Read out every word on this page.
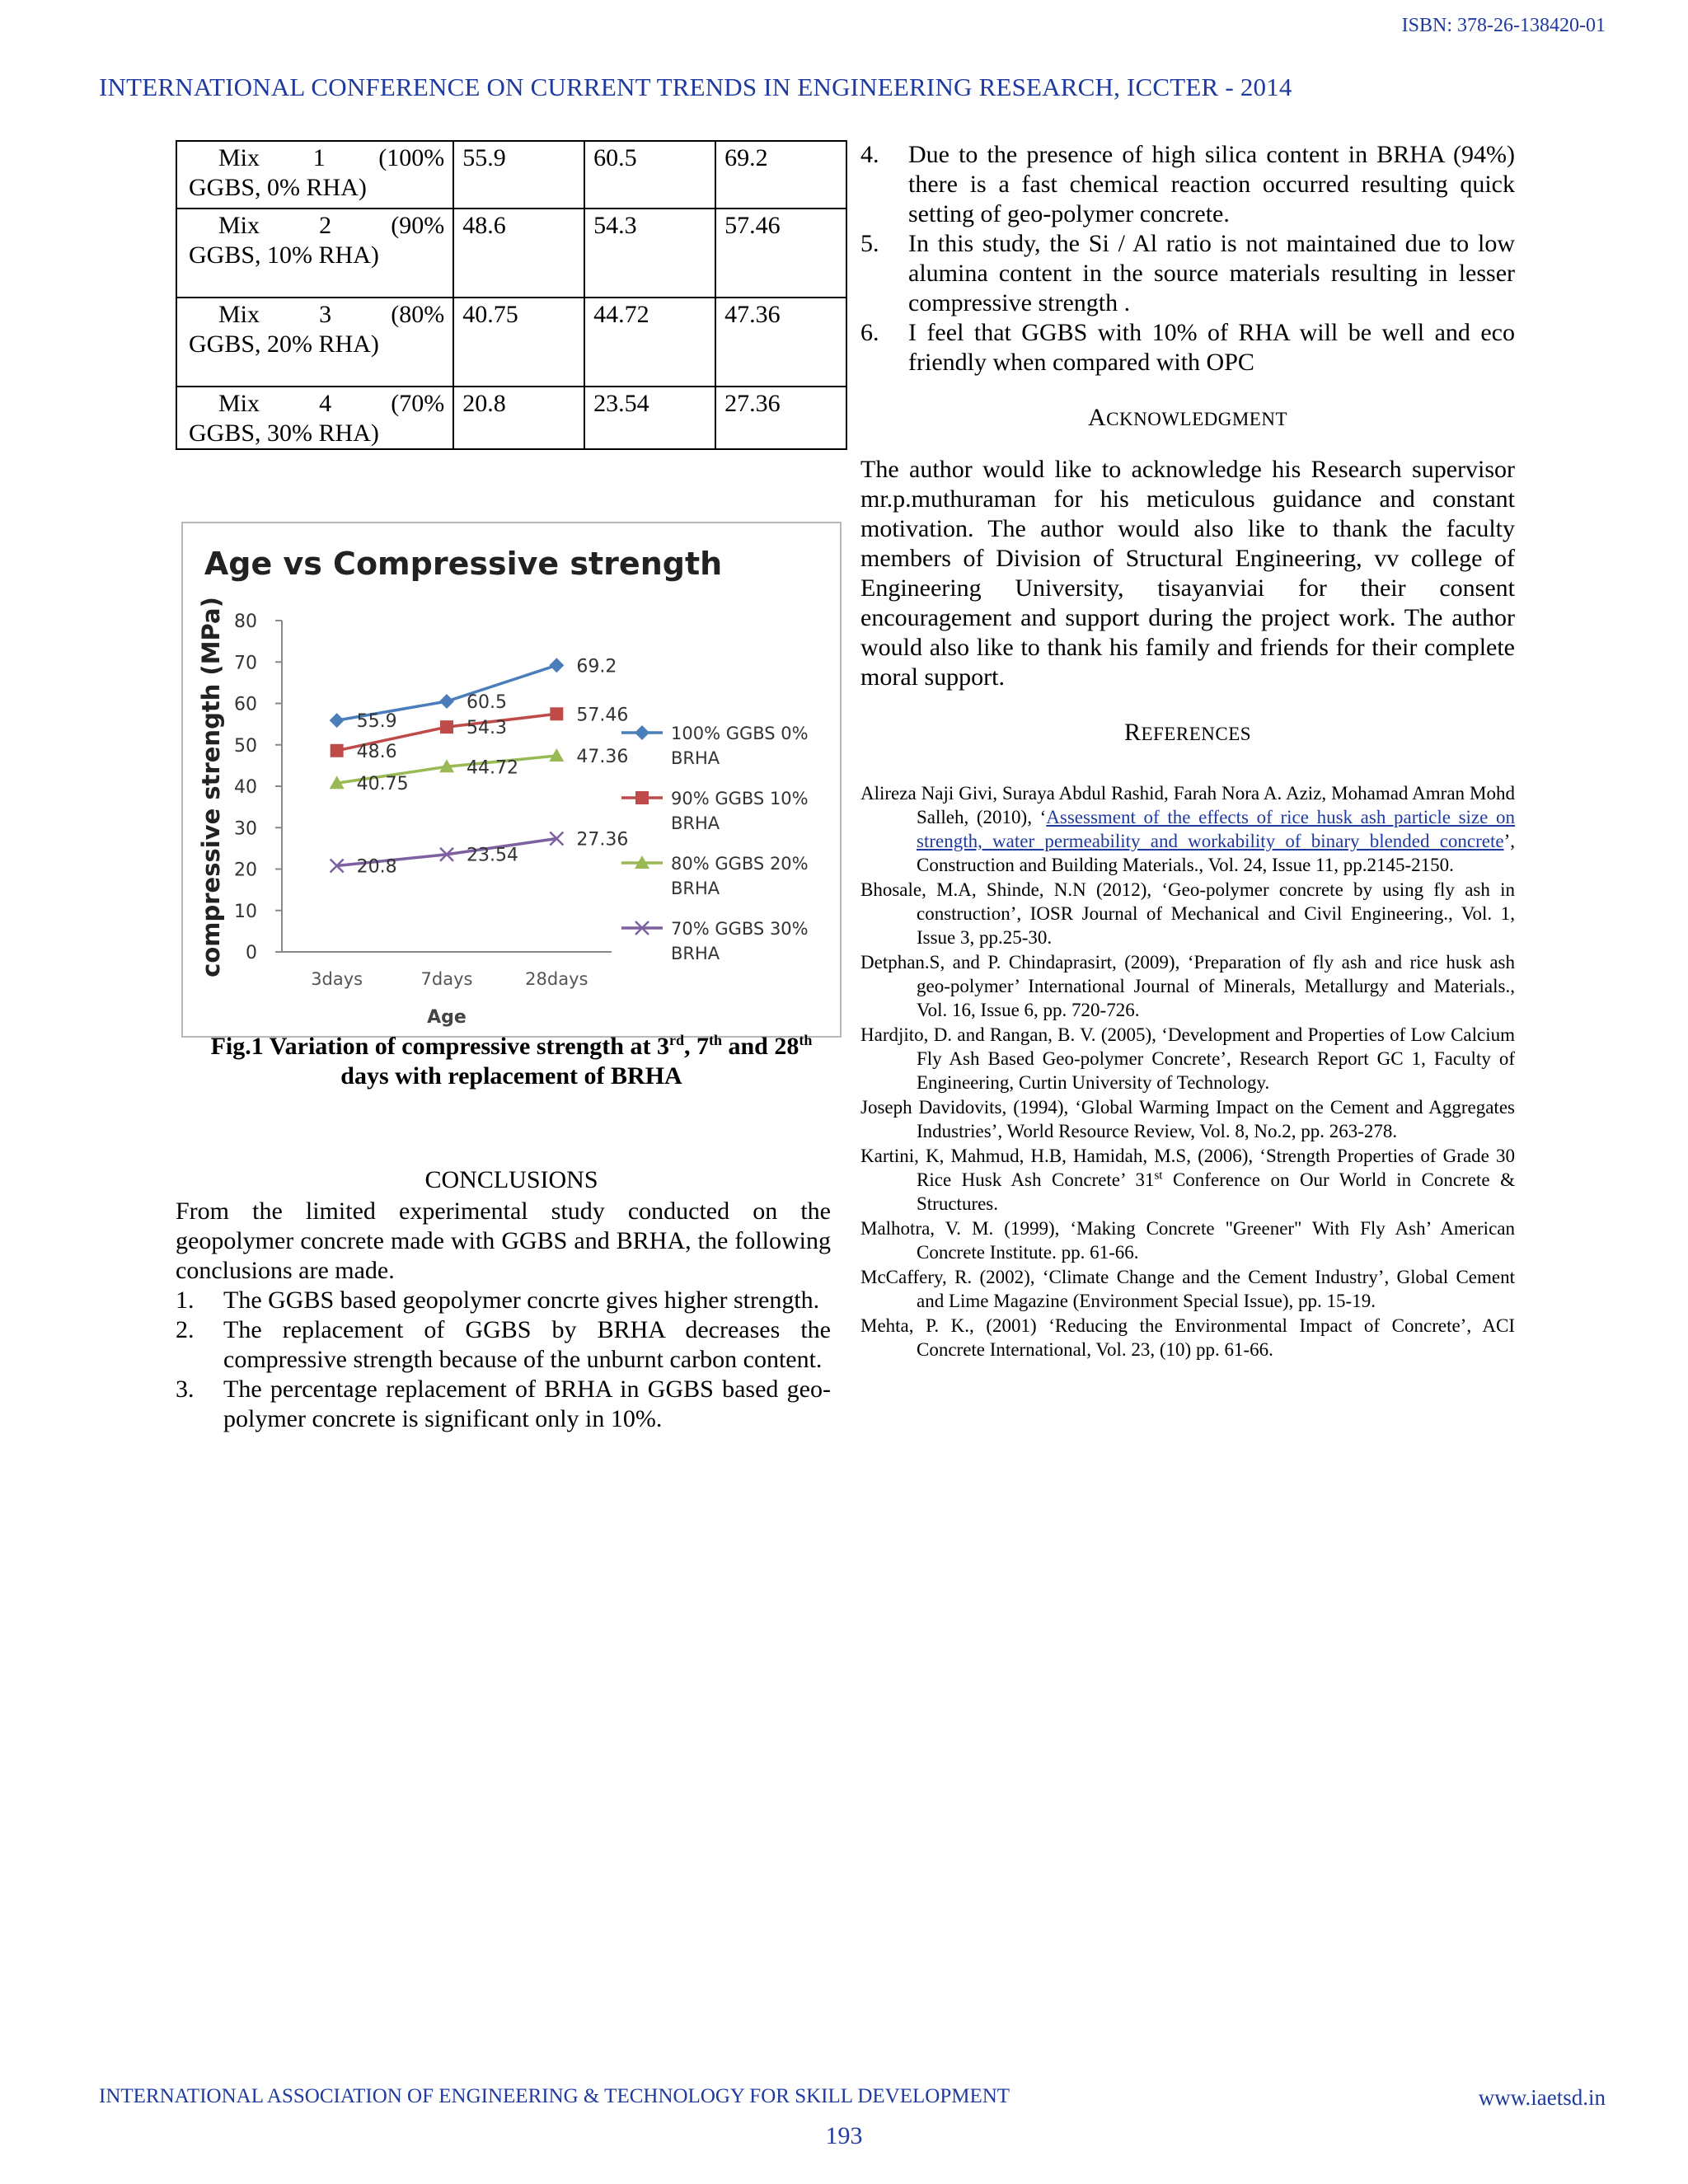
ISBN: 378-26-138420-01
INTERNATIONAL CONFERENCE ON CURRENT TRENDS IN ENGINEERING RESEARCH, ICCTER - 2014
Mix 1 (100%
GGBS, 0% RHA)	55.9	60.5	69.2

Mix 2 (90%
GGBS, 10% RHA)	48.6	54.3	57.46

Mix 3 (80%
GGBS, 20% RHA)	40.75	44.72	47.36

Mix 4 (70%
GGBS, 30% RHA)	20.8	23.54	27.36
Age vs Compressive strength
0
10
20
30
40
50
60
70
80
3days	7days	28days
Age
compressive strength (MPa)	55.9
60.5
69.2
100% GGBS 0%
BRHA
48.6
54.3
57.46
90% GGBS 10%
BRHA
40.75
44.72
47.36
80% GGBS 20%
BRHA
20.8
23.54
27.36
70% GGBS 30%
BRHA
Fig.1 Variation of compressive strength at 3rd, 7th and 28th
days with replacement of BRHA
CONCLUSIONS
From the limited experimental study conducted on the geopolymer concrete made with GGBS and BRHA, the following conclusions are made.
1.	The GGBS based geopolymer concrte gives higher strength.
2.	The replacement of GGBS by BRHA decreases the compressive strength because of the unburnt carbon content.
3.	The percentage replacement of BRHA in GGBS based geo-polymer concrete is significant only in 10%.
4.	Due to the presence of high silica content in BRHA (94%) there is a fast chemical reaction occurred resulting quick setting of geo-polymer concrete.
5.	In this study, the Si / Al ratio is not maintained due to low alumina content in the source materials resulting in lesser compressive strength .
6.	I feel that GGBS with 10% of RHA will be well and eco friendly when compared with OPC
ACKNOWLEDGMENT
The author would like to acknowledge his Research supervisor mr.p.muthuraman for his meticulous guidance and constant motivation. The author would also like to thank the faculty members of Division of Structural Engineering, vv college of Engineering University, tisayanviai for their consent encouragement and support during the project work. The author would also like to thank his family and friends for their complete moral support.
REFERENCES

Alireza Naji Givi, Suraya Abdul Rashid, Farah Nora A. Aziz, Mohamad Amran Mohd Salleh, (2010), ‘Assessment of the effects of rice husk ash particle size on strength, water permeability and workability of binary blended concrete’, Construction and Building Materials., Vol. 24, Issue 11, pp.2145-2150.

Bhosale, M.A, Shinde, N.N (2012), ‘Geo-polymer concrete by using fly ash in construction’, IOSR Journal of Mechanical and Civil Engineering., Vol. 1, Issue 3, pp.25-30.

Detphan.S, and P. Chindaprasirt, (2009), ‘Preparation of fly ash and rice husk ash geo-polymer’ International Journal of Minerals, Metallurgy and Materials., Vol. 16, Issue 6, pp. 720-726.

Hardjito, D. and Rangan, B. V. (2005), ‘Development and Properties of Low Calcium Fly Ash Based Geo-polymer Concrete’, Research Report GC 1, Faculty of Engineering, Curtin University of Technology.

Joseph Davidovits, (1994), ‘Global Warming Impact on the Cement and Aggregates Industries’, World Resource Review, Vol. 8, No.2, pp. 263-278.

Kartini, K, Mahmud, H.B, Hamidah, M.S, (2006), ‘Strength Properties of Grade 30 Rice Husk Ash Concrete’ 31st Conference on Our World in Concrete & Structures.

Malhotra, V. M. (1999), ‘Making Concrete "Greener" With Fly Ash’ American Concrete Institute. pp. 61-66.

McCaffery, R. (2002), ‘Climate Change and the Cement Industry’, Global Cement and Lime Magazine (Environment Special Issue), pp. 15-19.

Mehta, P. K., (2001) ‘Reducing the Environmental Impact of Concrete’, ACI Concrete International, Vol. 23, (10) pp. 61-66.

INTERNATIONAL ASSOCIATION OF ENGINEERING & TECHNOLOGY FOR SKILL DEVELOPMENT	www.iaetsd.in
193
